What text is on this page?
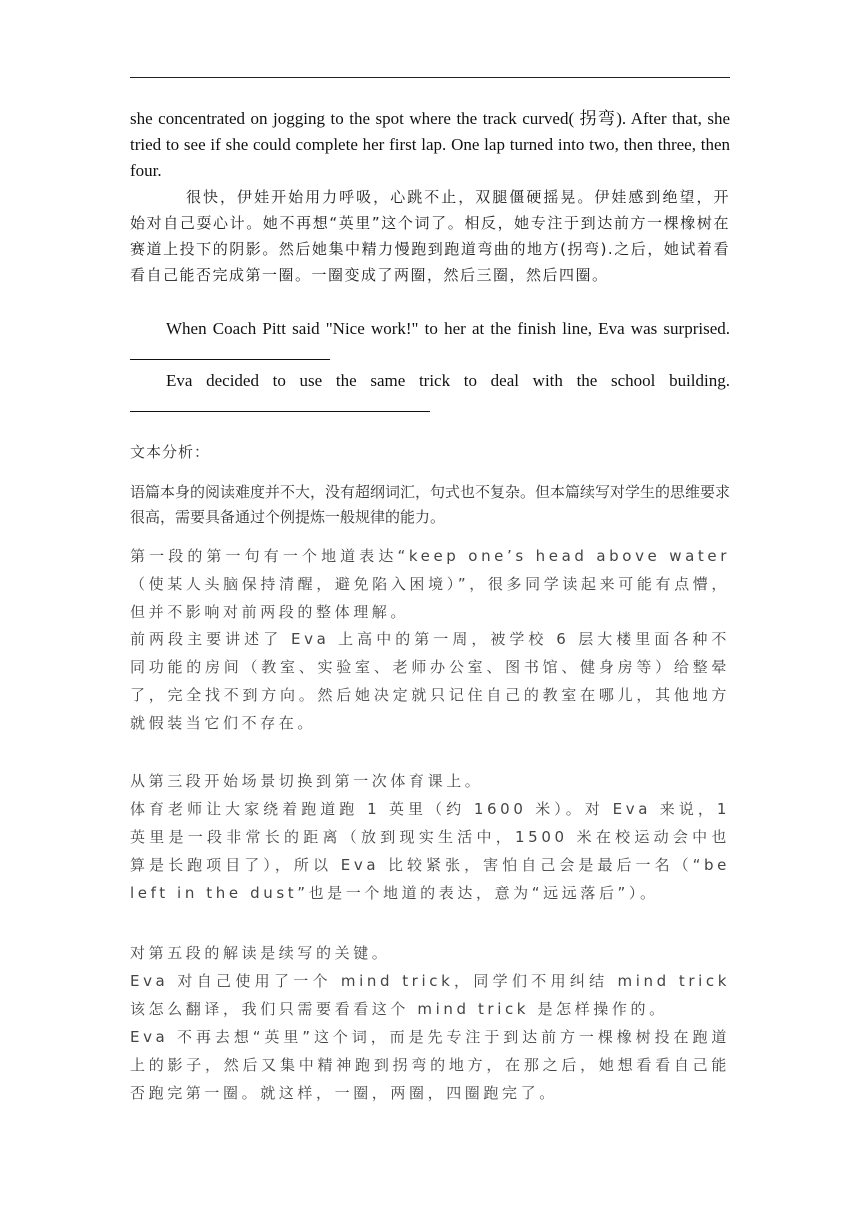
she concentrated on jogging to the spot where the track curved( 拐弯). After that, she tried to see if she could complete her first lap. One lap turned into two, then three, then four.

很快，伊娃开始用力呼吸，心跳不止，双腿僵硬摇晃。伊娃感到绝望，开始对自己耍心计。她不再想“英里”这个词了。相反，她专注于到达前方一棵橡树在赛道上投下的阴影。然后她集中精力慢跑到跑道弯曲的地方(拐弯).之后，她试着看看自己能否完成第一圈。一圈变成了两圈，然后三圈，然后四圈。

When Coach Pitt said "Nice work!" to her at the finish line, Eva was surprised.

Eva decided to use the same trick to deal with the school building.

文本分析：

语篇本身的阅读难度并不大，没有超纲词汇，句式也不复杂。但本篇续写对学生的思维要求很高，需要具备通过个例提炼一般规律的能力。

第一段的第一句有一个地道表达“keep one’s head above water（使某人头脑保持清醒，避免陷入困境）”，很多同学读起来可能有点懵，但并不影响对前两段的整体理解。

前两段主要讲述了 Eva 上高中的第一周，被学校 6 层大楼里面各种不同功能的房间（教室、实验室、老师办公室、图书馆、健身房等）给整晕了，完全找不到方向。然后她决定就只记住自己的教室在哪儿，其他地方就假装当它们不存在。

从第三段开始场景切换到第一次体育课上。

体育老师让大家绕着跑道跑 1 英里（约 1600 米）。对 Eva 来说，1 英里是一段非常长的距离（放到现实生活中，1500 米在校运动会中也算是长跑项目了），所以 Eva 比较紧张，害怕自己会是最后一名（“be left in the dust”也是一个地道的表达，意为“远远落后”）。

对第五段的解读是续写的关键。

Eva 对自己使用了一个 mind trick，同学们不用纠结 mind trick 该怎么翻译，我们只需要看看这个 mind trick 是怎样操作的。

Eva 不再去想“英里”这个词，而是先专注于到达前方一棵橡树投在跑道上的影子，然后又集中精神跑到拐弯的地方，在那之后，她想看看自己能否跑完第一圈。就这样，一圈，两圈，四圈跑完了。
